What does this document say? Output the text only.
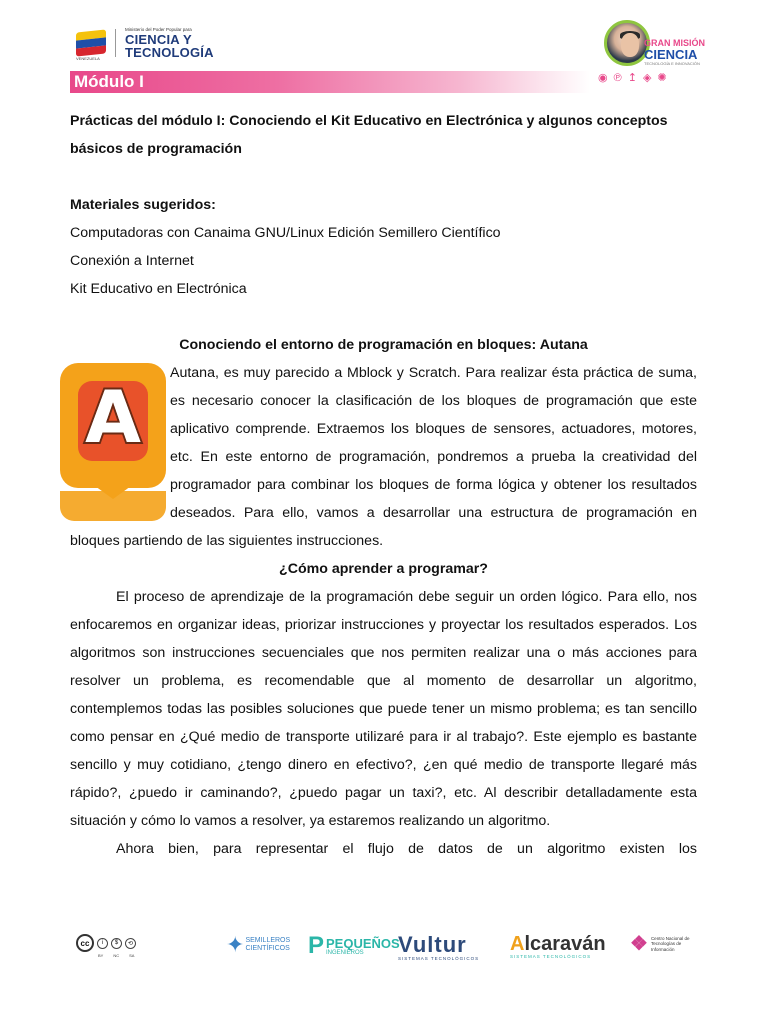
VENEZUELA
Ministerio del Poder Popular para
CIENCIA Y
TECNOLOGÍA
Módulo I
GRAN MISIÓN
CIENCIA
TECNOLOGÍA E INNOVACIÓN
◉ ℗ ↥ ◈ ✺

Prácticas del módulo I: Conociendo el Kit Educativo en Electrónica y algunos conceptos básicos de programación

Materiales sugeridos:

Computadoras con Canaima GNU/Linux Edición Semillero Científico

Conexión a Internet

Kit Educativo en Electrónica

Conociendo el entorno de programación en bloques: Autana

A

Autana, es muy parecido a Mblock y Scratch. Para realizar ésta práctica de suma, es necesario conocer la clasificación de los bloques de programación que este aplicativo comprende. Extraemos los bloques de sensores, actuadores, motores, etc. En este entorno de programación, pondremos a prueba la creatividad del programador para combinar los bloques de forma lógica y obtener los resultados deseados. Para ello, vamos a desarrollar una estructura de programación en bloques partiendo de las siguientes instrucciones.

¿Cómo aprender a programar?

El proceso de aprendizaje de la programación debe seguir un orden lógico. Para ello, nos enfocaremos en organizar ideas, priorizar instrucciones y proyectar los resultados esperados. Los algoritmos son instrucciones secuenciales que nos permiten realizar una o más acciones para resolver un problema, es recomendable que al momento de desarrollar un algoritmo, contemplemos todas las posibles soluciones que puede tener un mismo problema; es tan sencillo como pensar en ¿Qué medio de transporte utilizaré para ir al trabajo?. Este ejemplo es bastante sencillo y muy cotidiano, ¿tengo dinero en efectivo?, ¿en qué medio de transporte llegaré más rápido?, ¿puedo ir caminando?, ¿puedo pagar un taxi?, etc. Al describir detalladamente esta situación y cómo lo vamos a resolver, ya estaremos realizando un algoritmo.

Ahora bien, para representar el flujo de datos de un algoritmo existen los

cc	i	$	⟲
BY	NC	SA	✦ SEMILLEROS
CIENTÍFICOS P PEQUEÑOS
INGENIEROS	Vultur
SISTEMAS TECNOLÓGICOS
Alcaraván
SISTEMAS TECNOLÓGICOS
❖ Centro Nacional de
Tecnologías de
Información
